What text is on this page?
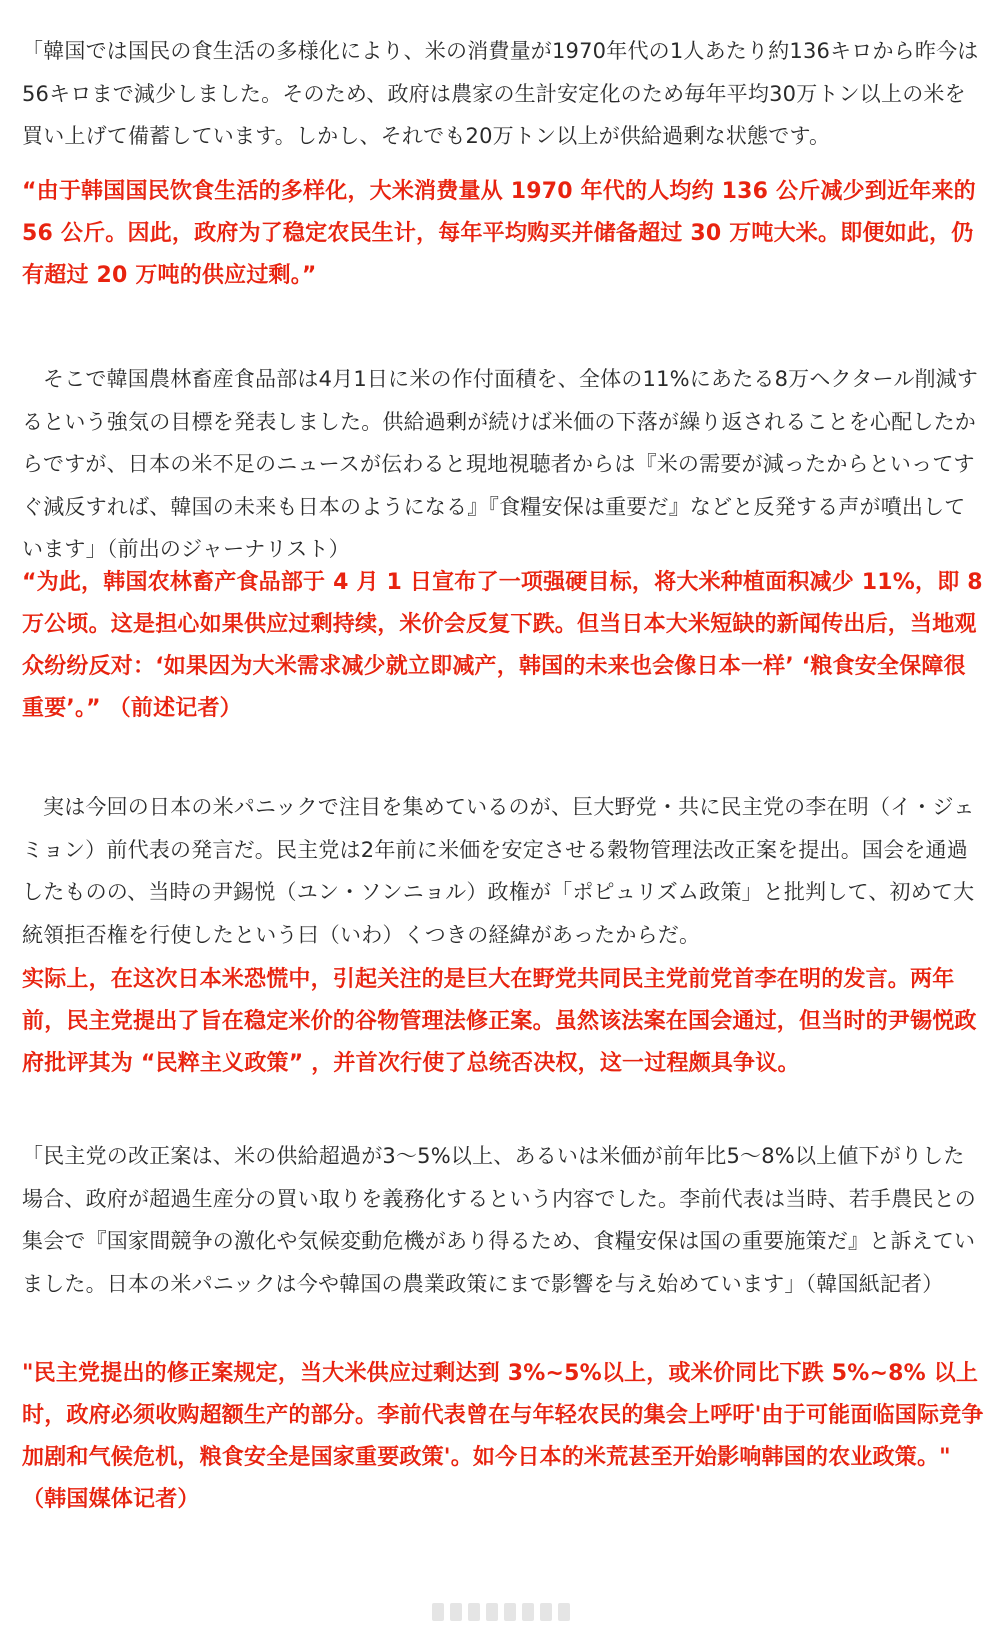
「韓国では国民の食生活の多様化により、米の消費量が1970年代の1人あたり約136キロから昨今は56キロまで減少しました。そのため、政府は農家の生計安定化のため毎年平均30万トン以上の米を買い上げて備蓄しています。しかし、それでも20万トン以上が供給過剰な状態です。

“由于韩国国民饮食生活的多样化，大米消费量从 1970 年代的人均约 136 公斤减少到近年来的 56 公斤。因此，政府为了稳定农民生计，每年平均购买并储备超过 30 万吨大米。即便如此，仍有超过 20 万吨的供应过剩。”

そこで韓国農林畜産食品部は4月1日に米の作付面積を、全体の11%にあたる8万ヘクタール削減するという強気の目標を発表しました。供給過剰が続けば米価の下落が繰り返されることを心配したからですが、日本の米不足のニュースが伝わると現地視聴者からは『米の需要が減ったからといってすぐ減反すれば、韓国の未来も日本のようになる』『食糧安保は重要だ』などと反発する声が噴出しています」（前出のジャーナリスト）

“为此，韩国农林畜产食品部于 4 月 1 日宣布了一项强硬目标，将大米种植面积减少 11%，即 8 万公顷。这是担心如果供应过剩持续，米价会反复下跌。但当日本大米短缺的新闻传出后，当地观众纷纷反对：‘如果因为大米需求减少就立即减产，韩国的未来也会像日本一样’ ‘粮食安全保障很重要’。” （前述记者）

実は今回の日本の米パニックで注目を集めているのが、巨大野党・共に民主党の李在明（イ・ジェミョン）前代表の発言だ。民主党は2年前に米価を安定させる穀物管理法改正案を提出。国会を通過したものの、当時の尹錫悦（ユン・ソンニョル）政権が「ポピュリズム政策」と批判して、初めて大統領拒否権を行使したという曰（いわ）くつきの経緯があったからだ。

实际上，在这次日本米恐慌中，引起关注的是巨大在野党共同民主党前党首李在明的发言。两年前，民主党提出了旨在稳定米价的谷物管理法修正案。虽然该法案在国会通过，但当时的尹锡悦政府批评其为 “民粹主义政策” ，并首次行使了总统否决权，这一过程颇具争议。

「民主党の改正案は、米の供給超過が3〜5%以上、あるいは米価が前年比5〜8%以上値下がりした場合、政府が超過生産分の買い取りを義務化するという内容でした。李前代表は当時、若手農民との集会で『国家間競争の激化や気候変動危機があり得るため、食糧安保は国の重要施策だ』と訴えていました。日本の米パニックは今や韓国の農業政策にまで影響を与え始めています」（韓国紙記者）

"民主党提出的修正案规定，当大米供应过剩达到 3%~5%以上，或米价同比下跌 5%~8% 以上时，政府必须收购超额生产的部分。李前代表曾在与年轻农民的集会上呼吁'由于可能面临国际竞争加剧和气候危机，粮食安全是国家重要政策'。如今日本的米荒甚至开始影响韩国的农业政策。" （韩国媒体记者）
